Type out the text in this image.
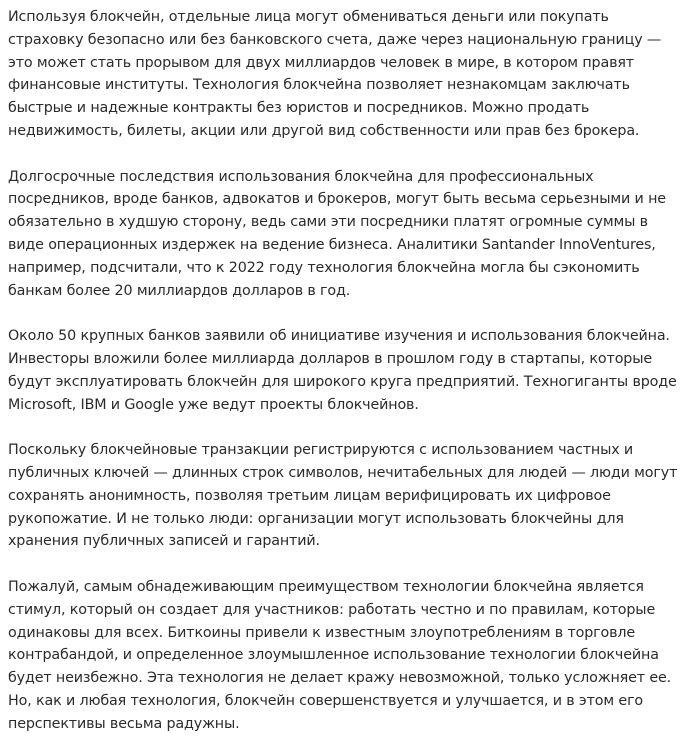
Используя блокчейн, отдельные лица могут обмениваться деньги или покупать страховку безопасно или без банковского счета, даже через национальную границу — это может стать прорывом для двух миллиардов человек в мире, в котором правят финансовые институты. Технология блокчейна позволяет незнакомцам заключать быстрые и надежные контракты без юристов и посредников. Можно продать недвижимость, билеты, акции или другой вид собственности или прав без брокера.

Долгосрочные последствия использования блокчейна для профессиональных посредников, вроде банков, адвокатов и брокеров, могут быть весьма серьезными и не обязательно в худшую сторону, ведь сами эти посредники платят огромные суммы в виде операционных издержек на ведение бизнеса. Аналитики Santander InnoVentures, например, подсчитали, что к 2022 году технология блокчейна могла бы сэкономить банкам более 20 миллиардов долларов в год.

Около 50 крупных банков заявили об инициативе изучения и использования блокчейна. Инвесторы вложили более миллиарда долларов в прошлом году в стартапы, которые будут эксплуатировать блокчейн для широкого круга предприятий. Техногиганты вроде Microsoft, IBM и Google уже ведут проекты блокчейнов.

Поскольку блокчейновые транзакции регистрируются с использованием частных и публичных ключей — длинных строк символов, нечитабельных для людей — люди могут сохранять анонимность, позволяя третьим лицам верифицировать их цифровое рукопожатие. И не только люди: организации могут использовать блокчейны для хранения публичных записей и гарантий.

Пожалуй, самым обнадеживающим преимуществом технологии блокчейна является стимул, который он создает для участников: работать честно и по правилам, которые одинаковы для всех. Биткоины привели к известным злоупотреблениям в торговле контрабандой, и определенное злоумышленное использование технологии блокчейна будет неизбежно. Эта технология не делает кражу невозможной, только усложняет ее. Но, как и любая технология, блокчейн совершенствуется и улучшается, и в этом его перспективы весьма радужны.
